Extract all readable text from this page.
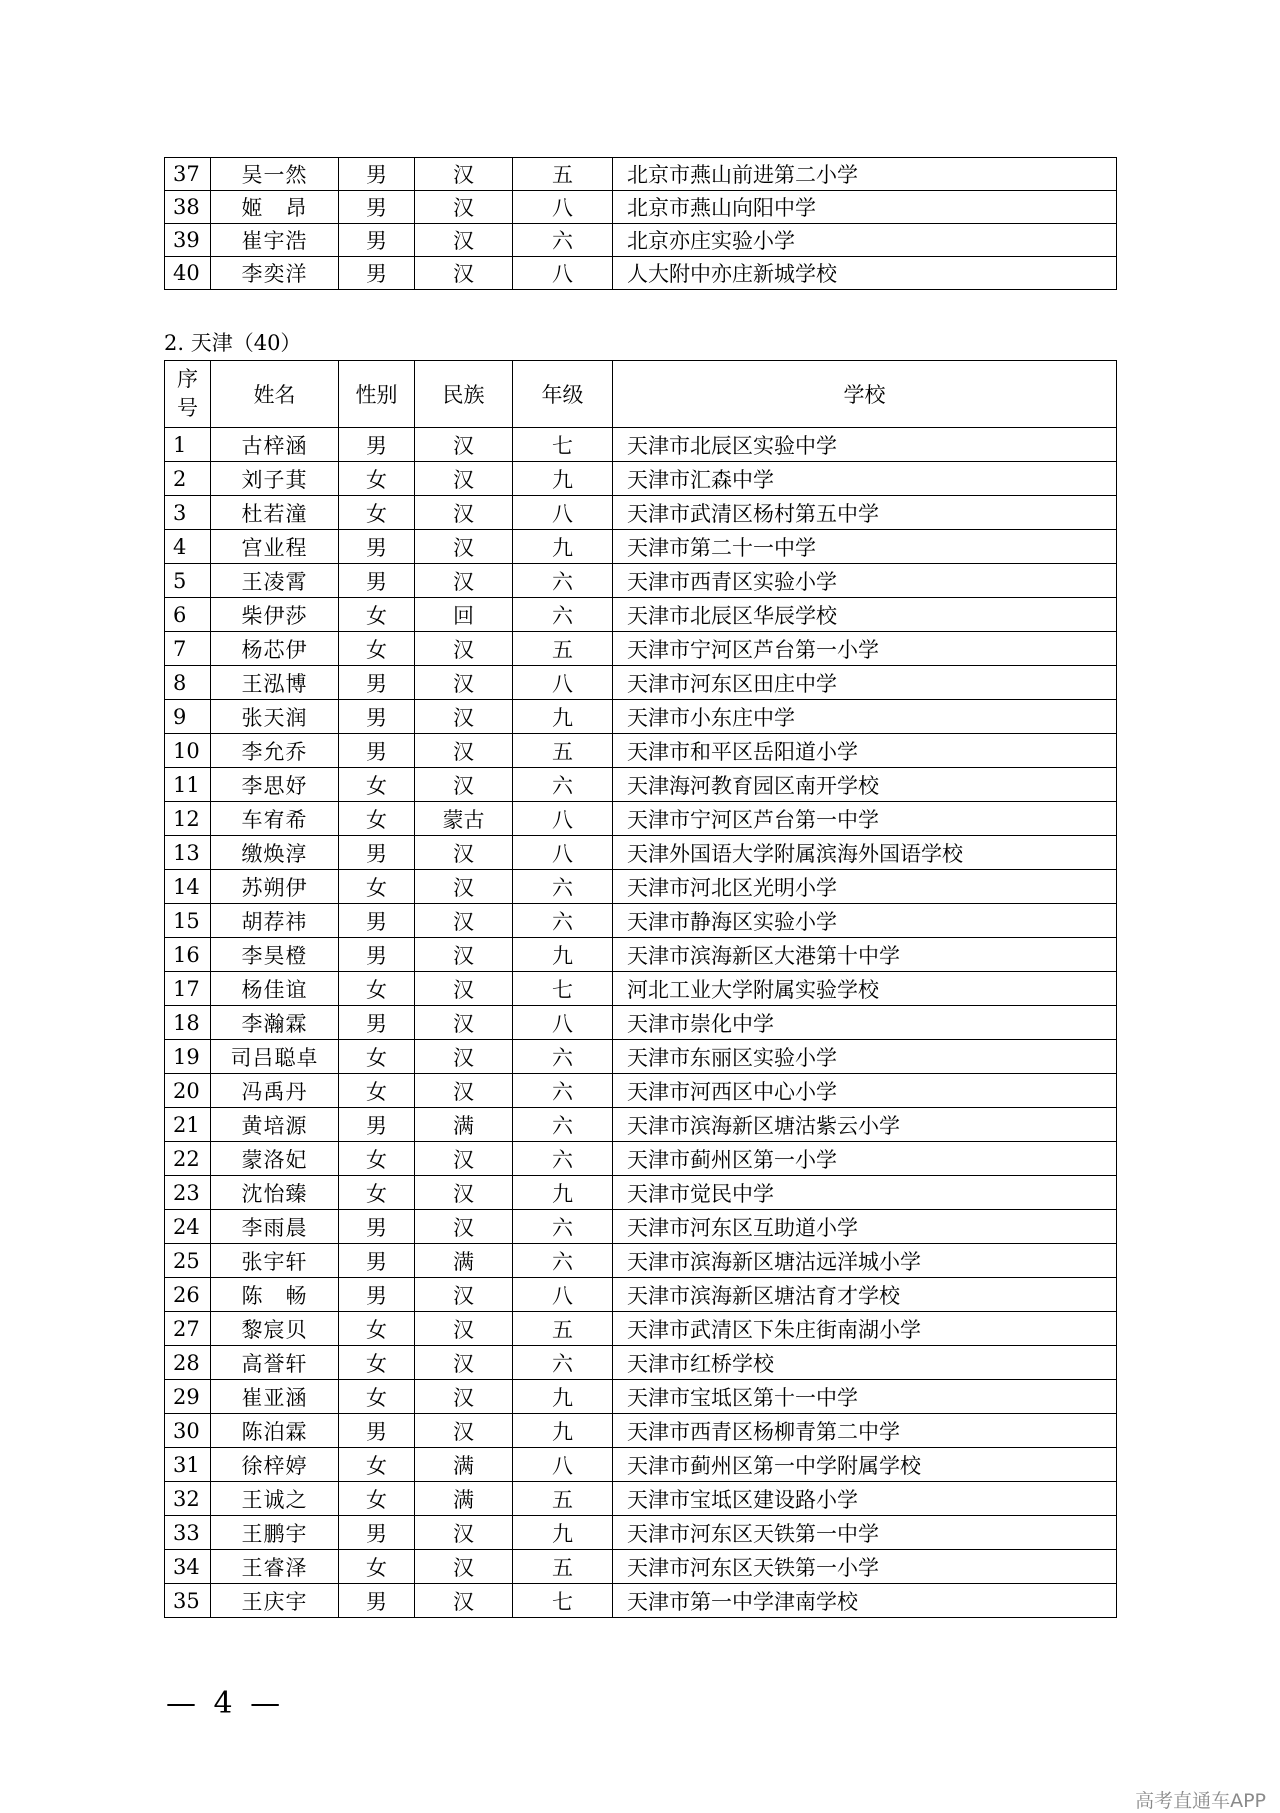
37	吴一然	男	汉	五	北京市燕山前进第二小学
38	姬　昂	男	汉	八	北京市燕山向阳中学
39	崔宇浩	男	汉	六	北京亦庄实验小学
40	李奕洋	男	汉	八	人大附中亦庄新城学校
2. 天津（40）
序
号	姓名	性别	民族	年级	学校
1	古梓涵	男	汉	七	天津市北辰区实验中学
2	刘子萁	女	汉	九	天津市汇森中学
3	杜若潼	女	汉	八	天津市武清区杨村第五中学
4	宫业程	男	汉	九	天津市第二十一中学
5	王凌霄	男	汉	六	天津市西青区实验小学
6	柴伊莎	女	回	六	天津市北辰区华辰学校
7	杨芯伊	女	汉	五	天津市宁河区芦台第一小学
8	王泓博	男	汉	八	天津市河东区田庄中学
9	张天润	男	汉	九	天津市小东庄中学
10	李允乔	男	汉	五	天津市和平区岳阳道小学
11	李思妤	女	汉	六	天津海河教育园区南开学校
12	车宥希	女	蒙古	八	天津市宁河区芦台第一中学
13	缴焕淳	男	汉	八	天津外国语大学附属滨海外国语学校
14	苏朔伊	女	汉	六	天津市河北区光明小学
15	胡荐祎	男	汉	六	天津市静海区实验小学
16	李昊橙	男	汉	九	天津市滨海新区大港第十中学
17	杨佳谊	女	汉	七	河北工业大学附属实验学校
18	李瀚霖	男	汉	八	天津市崇化中学
19	司吕聪卓	女	汉	六	天津市东丽区实验小学
20	冯禹丹	女	汉	六	天津市河西区中心小学
21	黄培源	男	满	六	天津市滨海新区塘沽紫云小学
22	蒙洛妃	女	汉	六	天津市蓟州区第一小学
23	沈怡臻	女	汉	九	天津市觉民中学
24	李雨晨	男	汉	六	天津市河东区互助道小学
25	张宇轩	男	满	六	天津市滨海新区塘沽远洋城小学
26	陈　畅	男	汉	八	天津市滨海新区塘沽育才学校
27	黎宸贝	女	汉	五	天津市武清区下朱庄街南湖小学
28	高誉轩	女	汉	六	天津市红桥学校
29	崔亚涵	女	汉	九	天津市宝坻区第十一中学
30	陈泊霖	男	汉	九	天津市西青区杨柳青第二中学
31	徐梓婷	女	满	八	天津市蓟州区第一中学附属学校
32	王诚之	女	满	五	天津市宝坻区建设路小学
33	王鹏宇	男	汉	九	天津市河东区天铁第一中学
34	王睿泽	女	汉	五	天津市河东区天铁第一小学
35	王庆宇	男	汉	七	天津市第一中学津南学校
— 4 —
高考直通车APP
